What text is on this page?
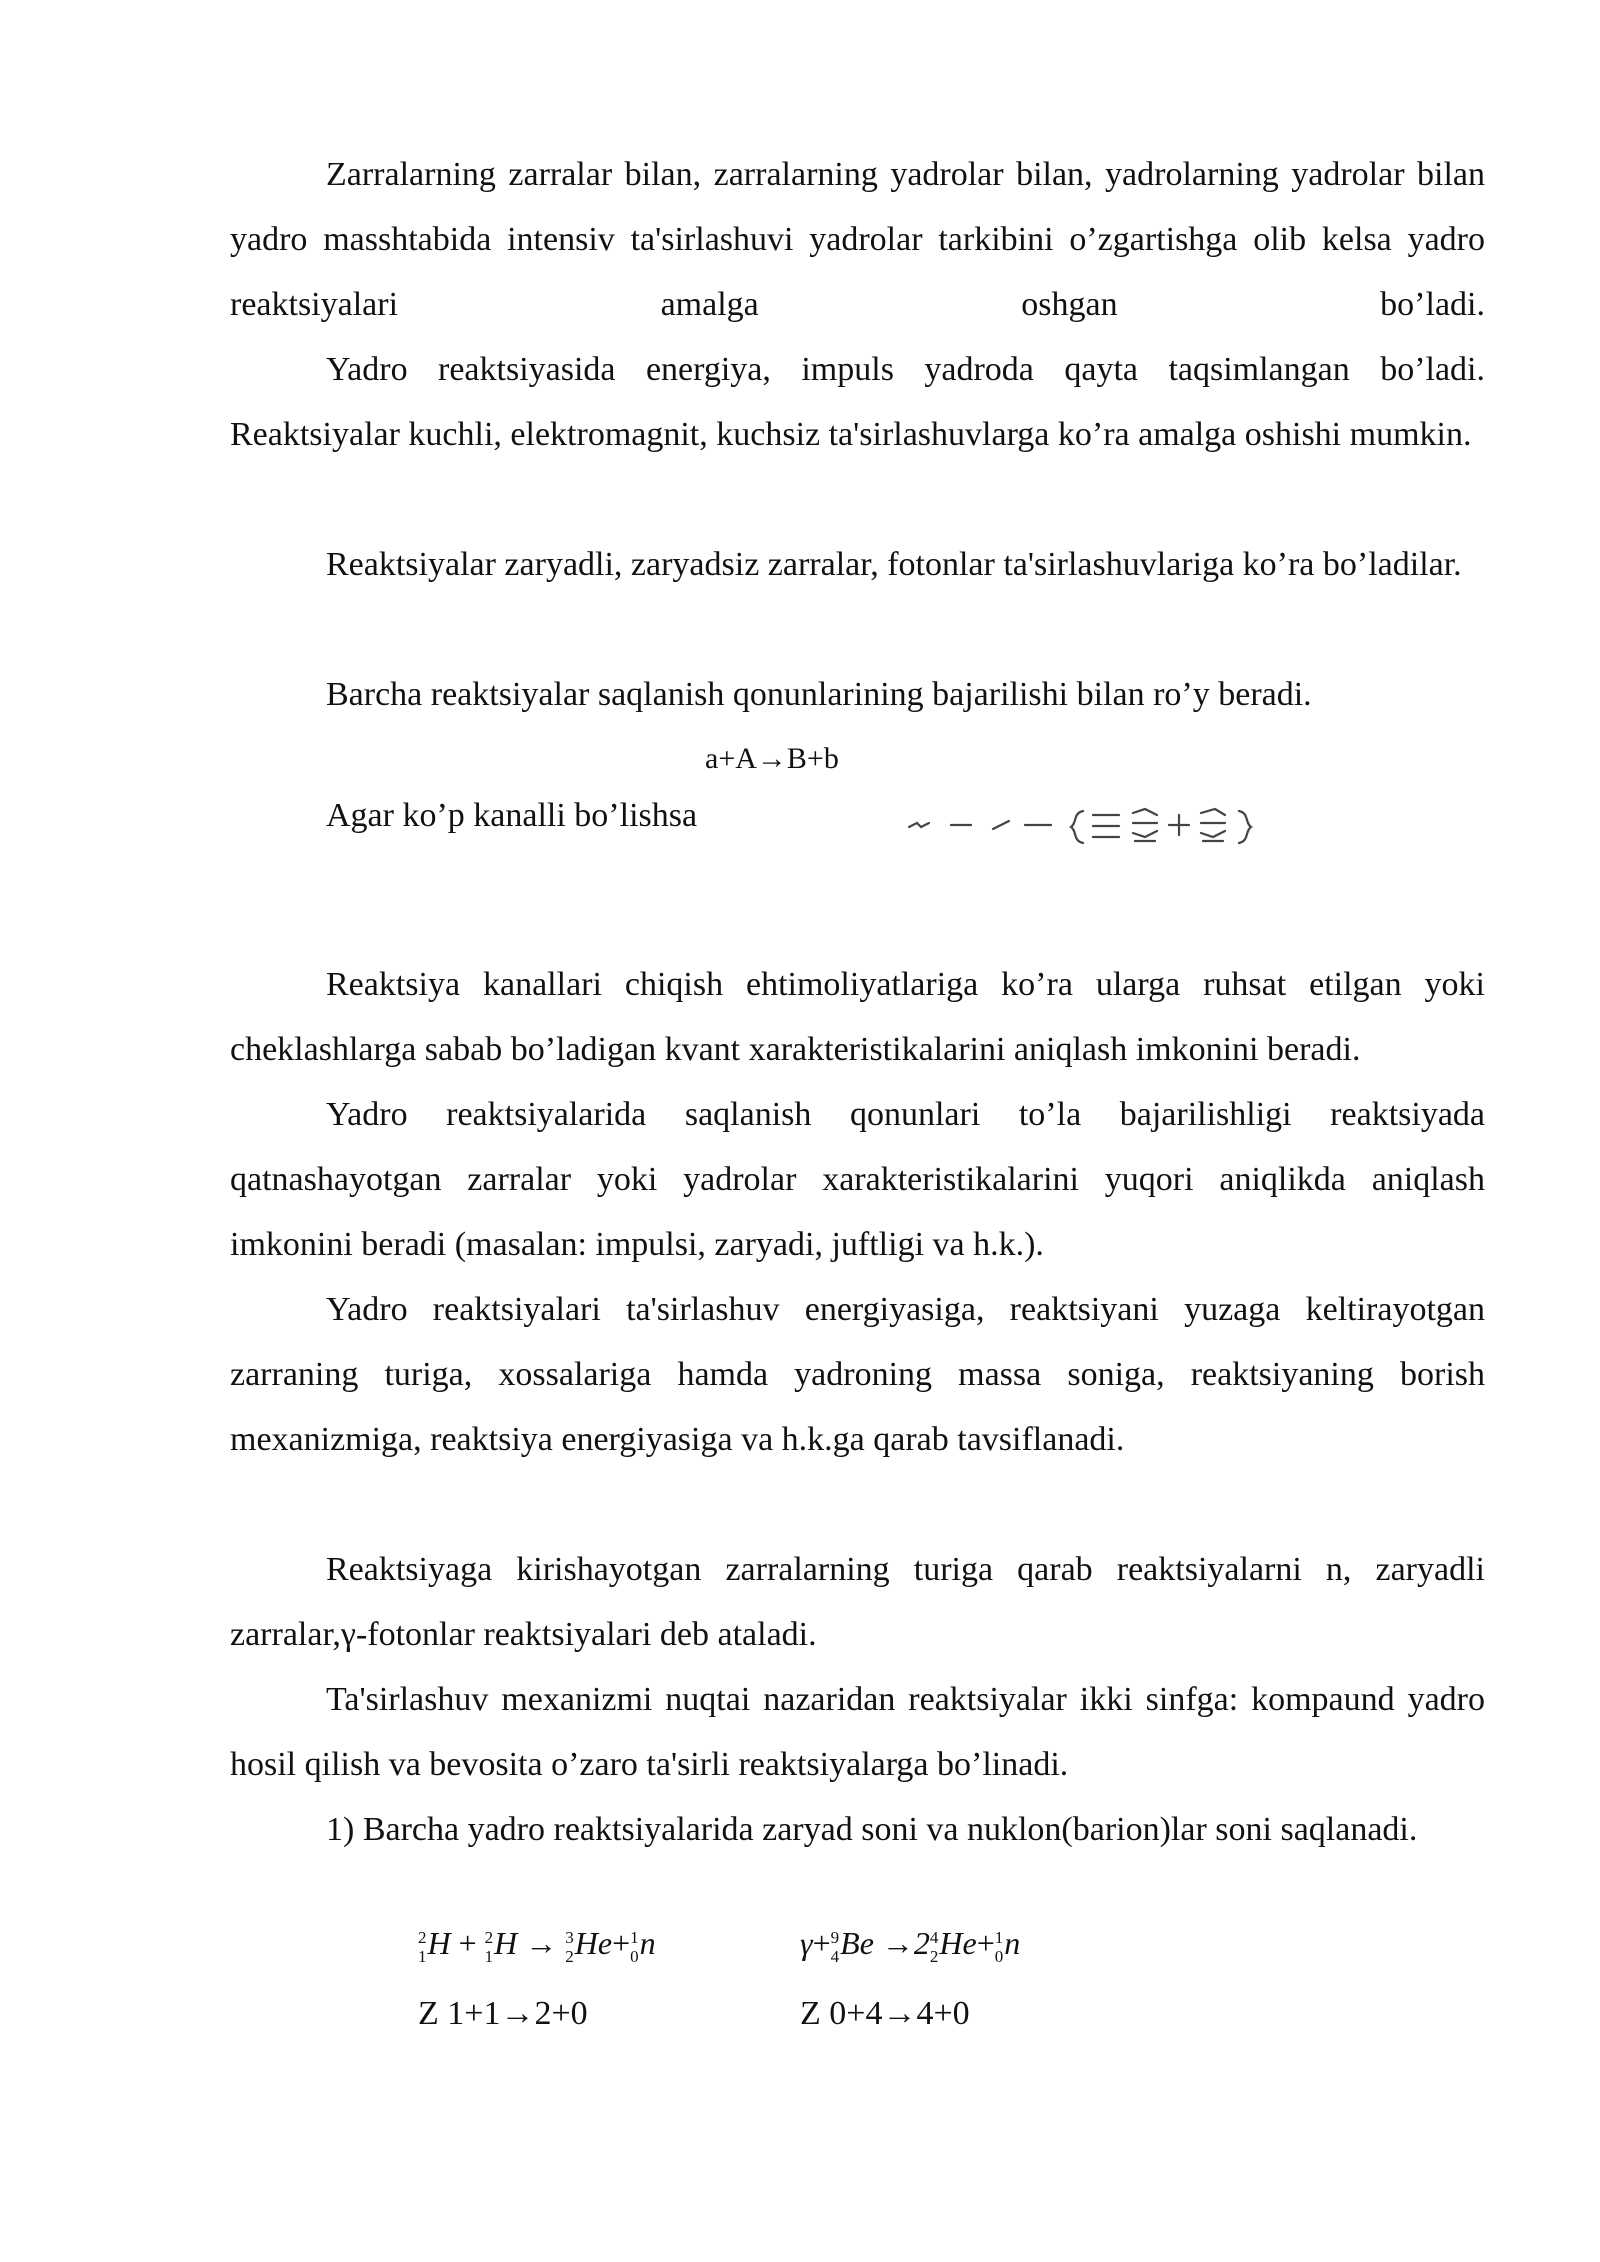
Zarralarning zarralar bilan, zarralarning yadrolar bilan, yadrolarning yadrolar bilan yadro masshtabida intensiv ta'sirlashuvi yadrolar tarkibini o’zgartishga olib kelsa yadro reaktsiyalari amalga oshgan bo’ladi.

Yadro reaktsiyasida energiya, impuls yadroda qayta taqsimlangan bo’ladi. Reaktsiyalar kuchli, elektromagnit, kuchsiz ta'sirlashuvlarga ko’ra amalga oshishi mumkin.

Reaktsiyalar zaryadli, zaryadsiz zarralar, fotonlar ta'sirlashuvlariga ko’ra bo’ladilar.

Barcha reaktsiyalar saqlanish qonunlarining bajarilishi bilan ro’y beradi.

a+A→B+b
Agar ko’p kanalli bo’lishsa

Reaktsiya kanallari chiqish ehtimoliyatlariga ko’ra ularga ruhsat etilgan yoki cheklashlarga sabab bo’ladigan kvant xarakteristikalarini aniqlash imkonini beradi.

Yadro reaktsiyalarida saqlanish qonunlari to’la bajarilishligi reaktsiyada qatnashayotgan zarralar yoki yadrolar xarakteristikalarini yuqori aniqlikda aniqlash imkonini beradi (masalan: impulsi, zaryadi, juftligi va h.k.).

Yadro reaktsiyalari ta'sirlashuv energiyasiga, reaktsiyani yuzaga keltirayotgan zarraning turiga, xossalariga hamda yadroning massa soniga, reaktsiyaning borish mexanizmiga, reaktsiya energiyasiga va h.k.ga qarab tavsiflanadi.

Reaktsiyaga kirishayotgan zarralarning turiga qarab reaktsiyalarni n, zaryadli zarralar,γ-fotonlar reaktsiyalari deb ataladi.

Ta'sirlashuv mexanizmi nuqtai nazaridan reaktsiyalar ikki sinfga: kompaund yadro hosil qilish va bevosita o’zaro ta'sirli reaktsiyalarga bo’linadi.

1) Barcha yadro reaktsiyalarida zaryad soni va nuklon(barion)lar soni saqlanadi.

2
1 H + 2
1 H → 3
2 He+ 1
0 n	γ+ 9
4 Be →2 4
2 He+ 1
0 n
Z 1+1→2+0	Z 0+4→4+0
